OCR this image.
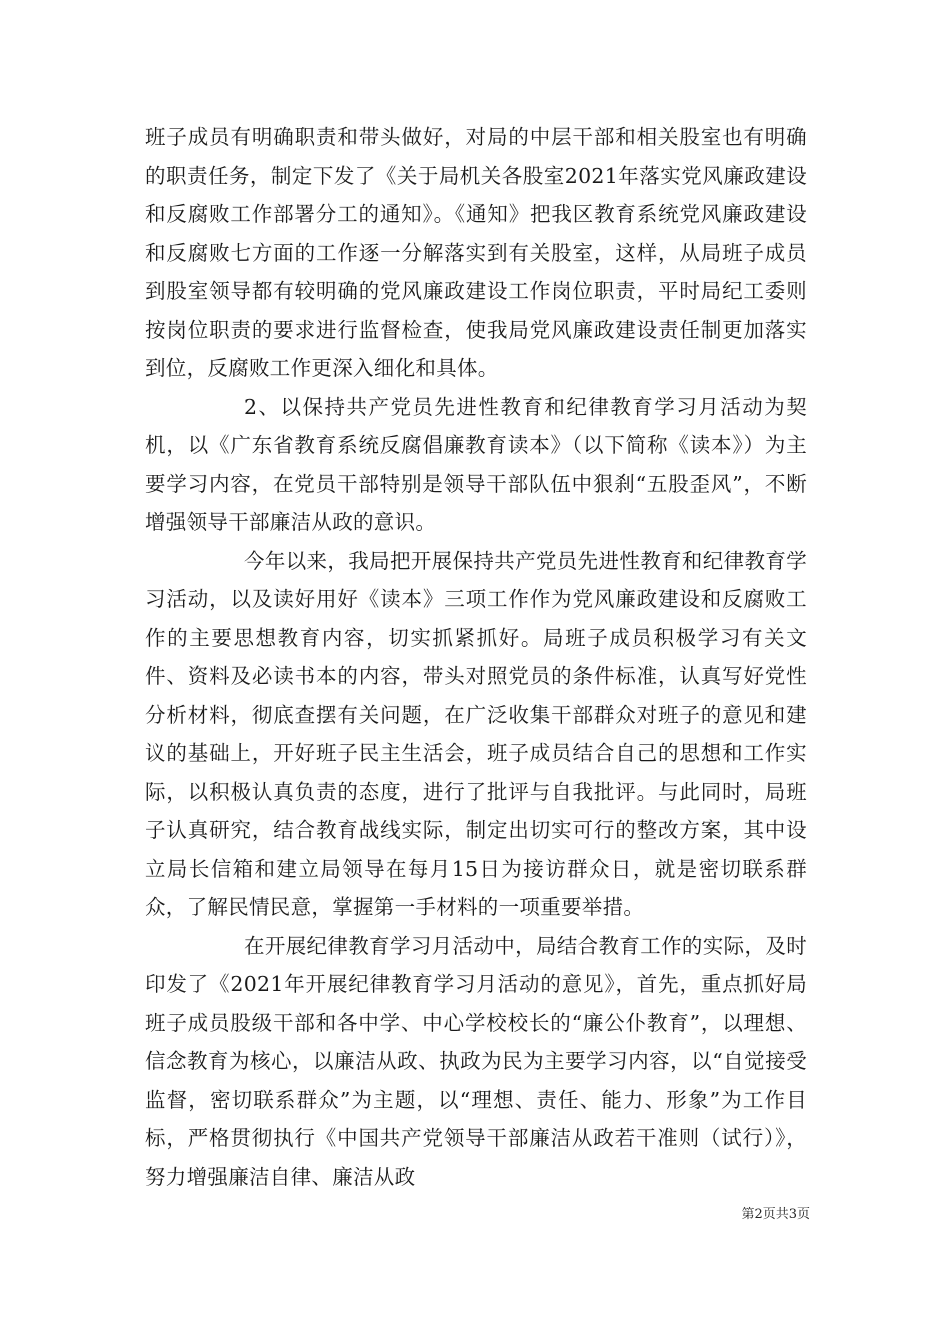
班子成员有明确职责和带头做好，对局的中层干部和相关股室也有明确的职责任务，制定下发了《关于局机关各股室2021年落实党风廉政建设和反腐败工作部署分工的通知》。《通知》把我区教育系统党风廉政建设和反腐败七方面的工作逐一分解落实到有关股室，这样，从局班子成员到股室领导都有较明确的党风廉政建设工作岗位职责，平时局纪工委则按岗位职责的要求进行监督检查，使我局党风廉政建设责任制更加落实到位，反腐败工作更深入细化和具体。

2、以保持共产党员先进性教育和纪律教育学习月活动为契机，以《广东省教育系统反腐倡廉教育读本》（以下简称《读本》）为主要学习内容，在党员干部特别是领导干部队伍中狠刹“五股歪风”，不断增强领导干部廉洁从政的意识。

今年以来，我局把开展保持共产党员先进性教育和纪律教育学习活动，以及读好用好《读本》三项工作作为党风廉政建设和反腐败工作的主要思想教育内容，切实抓紧抓好。局班子成员积极学习有关文件、资料及必读书本的内容，带头对照党员的条件标准，认真写好党性分析材料，彻底查摆有关问题，在广泛收集干部群众对班子的意见和建议的基础上，开好班子民主生活会，班子成员结合自己的思想和工作实际，以积极认真负责的态度，进行了批评与自我批评。与此同时，局班子认真研究，结合教育战线实际，制定出切实可行的整改方案，其中设立局长信箱和建立局领导在每月15日为接访群众日，就是密切联系群众，了解民情民意，掌握第一手材料的一项重要举措。

在开展纪律教育学习月活动中，局结合教育工作的实际，及时印发了《2021年开展纪律教育学习月活动的意见》，首先，重点抓好局班子成员股级干部和各中学、中心学校校长的“廉公仆教育”，以理想、信念教育为核心，以廉洁从政、执政为民为主要学习内容，以“自觉接受监督，密切联系群众”为主题，以“理想、责任、能力、形象”为工作目标，严格贯彻执行《中国共产党领导干部廉洁从政若干准则（试行）》，努力增强廉洁自律、廉洁从政

第2页共3页
